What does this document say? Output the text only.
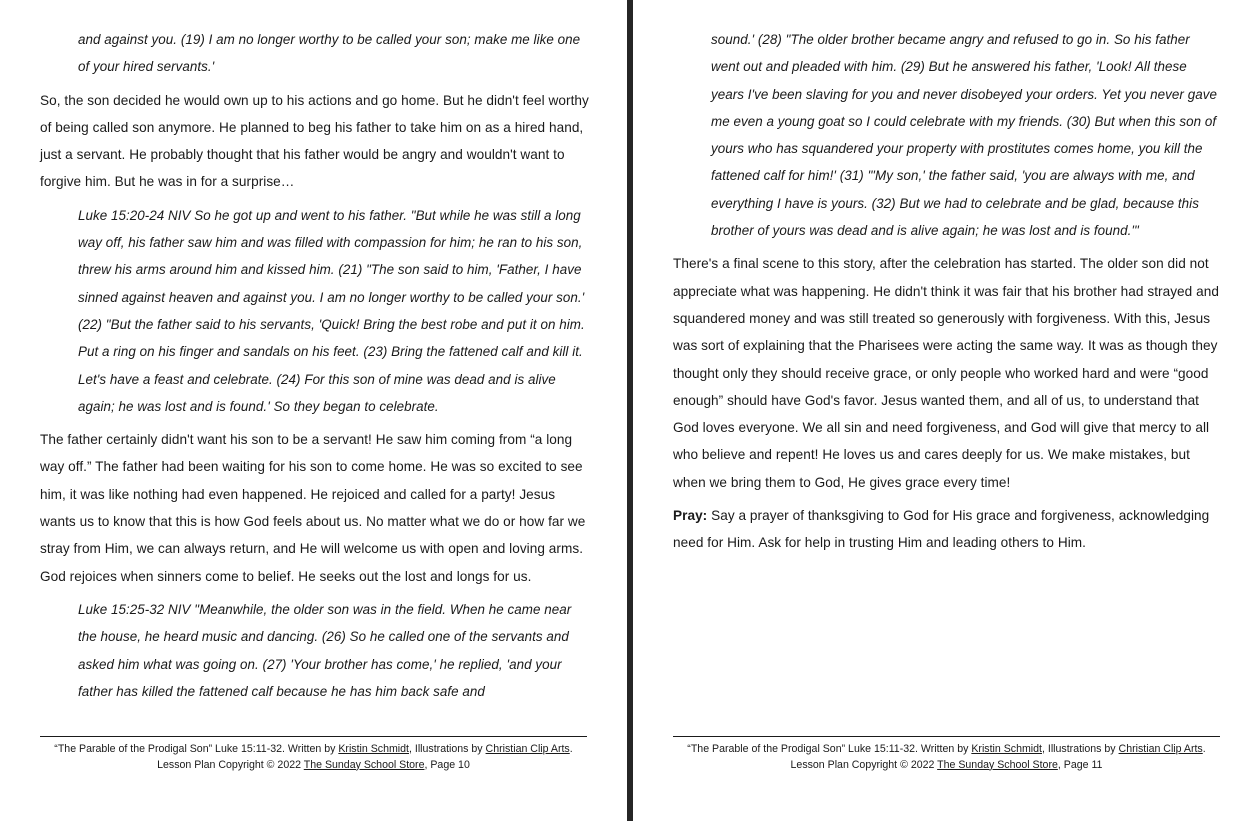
and against you. (19) I am no longer worthy to be called your son; make me like one of your hired servants.'

So, the son decided he would own up to his actions and go home. But he didn't feel worthy of being called son anymore. He planned to beg his father to take him on as a hired hand, just a servant. He probably thought that his father would be angry and wouldn't want to forgive him. But he was in for a surprise…

Luke 15:20-24 NIV So he got up and went to his father. "But while he was still a long way off, his father saw him and was filled with compassion for him; he ran to his son, threw his arms around him and kissed him. (21) "The son said to him, 'Father, I have sinned against heaven and against you. I am no longer worthy to be called your son.' (22) "But the father said to his servants, 'Quick! Bring the best robe and put it on him. Put a ring on his finger and sandals on his feet. (23) Bring the fattened calf and kill it. Let's have a feast and celebrate. (24) For this son of mine was dead and is alive again; he was lost and is found.' So they began to celebrate.

The father certainly didn't want his son to be a servant! He saw him coming from “a long way off.” The father had been waiting for his son to come home. He was so excited to see him, it was like nothing had even happened. He rejoiced and called for a party! Jesus wants us to know that this is how God feels about us. No matter what we do or how far we stray from Him, we can always return, and He will welcome us with open and loving arms. God rejoices when sinners come to belief. He seeks out the lost and longs for us.

Luke 15:25-32 NIV "Meanwhile, the older son was in the field. When he came near the house, he heard music and dancing. (26) So he called one of the servants and asked him what was going on. (27) 'Your brother has come,' he replied, 'and your father has killed the fattened calf because he has him back safe and

“The Parable of the Prodigal Son” Luke 15:11-32. Written by Kristin Schmidt, Illustrations by Christian Clip Arts.
Lesson Plan Copyright © 2022 The Sunday School Store, Page 10

sound.' (28) "The older brother became angry and refused to go in. So his father went out and pleaded with him. (29) But he answered his father, 'Look! All these years I've been slaving for you and never disobeyed your orders. Yet you never gave me even a young goat so I could celebrate with my friends. (30) But when this son of yours who has squandered your property with prostitutes comes home, you kill the fattened calf for him!' (31) "'My son,' the father said, 'you are always with me, and everything I have is yours. (32) But we had to celebrate and be glad, because this brother of yours was dead and is alive again; he was lost and is found.'"

There's a final scene to this story, after the celebration has started. The older son did not appreciate what was happening. He didn't think it was fair that his brother had strayed and squandered money and was still treated so generously with forgiveness. With this, Jesus was sort of explaining that the Pharisees were acting the same way. It was as though they thought only they should receive grace, or only people who worked hard and were “good enough” should have God's favor. Jesus wanted them, and all of us, to understand that God loves everyone. We all sin and need forgiveness, and God will give that mercy to all who believe and repent! He loves us and cares deeply for us. We make mistakes, but when we bring them to God, He gives grace every time!

Pray: Say a prayer of thanksgiving to God for His grace and forgiveness, acknowledging need for Him. Ask for help in trusting Him and leading others to Him.

“The Parable of the Prodigal Son” Luke 15:11-32. Written by Kristin Schmidt, Illustrations by Christian Clip Arts.
Lesson Plan Copyright © 2022 The Sunday School Store, Page 11
